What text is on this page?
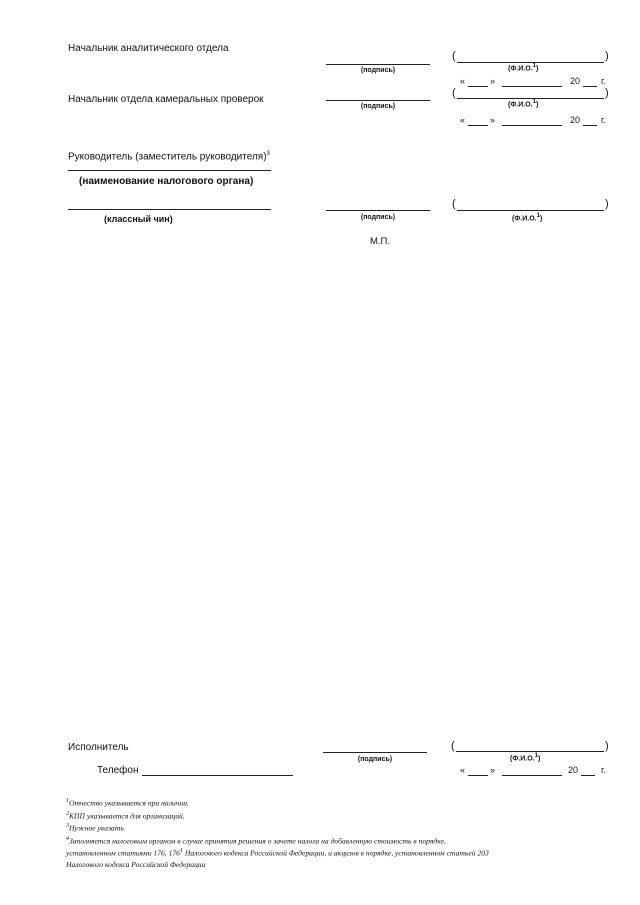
Начальник аналитического отдела
(подпись)
(	)
(Ф.И.О.1)
«	»	20 г.
Начальник отдела камеральных проверок
(подпись)
(	)
(Ф.И.О.1)
«	»	20 г.
Руководитель (заместитель руководителя)$^3$
(наименование налогового органа)
(классный чин)	(подпись)
(	)
(Ф.И.О.1)
М.П.
Исполнитель
(подпись)
(	)
(Ф.И.О.1)
Телефон	«	»	20	г.
$^1$Отчество указывается при наличии.
$^2$КПП указывается для организаций.
$^3$Нужное указать
$^4$Заполняется налоговым органом в случае принятия решения о зачете налога на добавленную стоимость в порядке,
установленном статьями 176, $176^1$ Налогового кодекса Российской Федерации, и акцизов в порядке, установленном статьей 203
Налогового кодекса Российской Федерации
